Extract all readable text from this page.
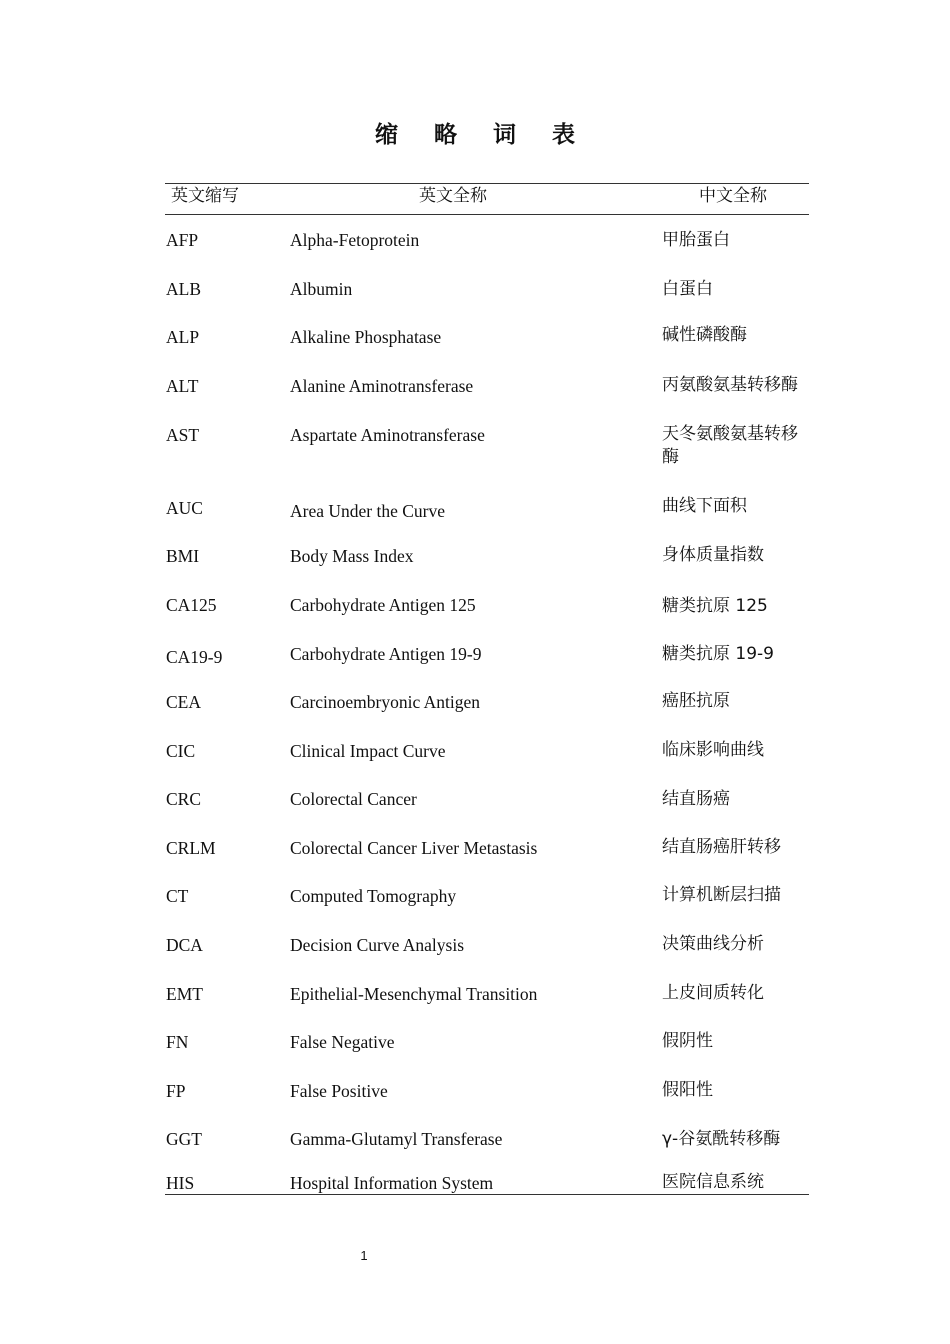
缩 略 词 表
英文缩写	英文全称	中文全称
AFP	Alpha-Fetoprotein	甲胎蛋白
ALB	Albumin	白蛋白
ALP	Alkaline Phosphatase	碱性磷酸酶
ALT	Alanine Aminotransferase	丙氨酸氨基转移酶
AST	Aspartate Aminotransferase	天冬氨酸氨基转移酶
AUC	Area Under the Curve	曲线下面积
BMI	Body Mass Index	身体质量指数
CA125	Carbohydrate Antigen 125	糖类抗原 125
CA19-9	Carbohydrate Antigen 19-9	糖类抗原 19-9
CEA	Carcinoembryonic Antigen	癌胚抗原
CIC	Clinical Impact Curve	临床影响曲线
CRC	Colorectal Cancer	结直肠癌
CRLM	Colorectal Cancer Liver Metastasis	结直肠癌肝转移
CT	Computed Tomography	计算机断层扫描
DCA	Decision Curve Analysis	决策曲线分析
EMT	Epithelial-Mesenchymal Transition	上皮间质转化
FN	False Negative	假阴性
FP	False Positive	假阳性
GGT	Gamma-Glutamyl Transferase	γ-谷氨酰转移酶
HIS	Hospital Information System	医院信息系统
1
